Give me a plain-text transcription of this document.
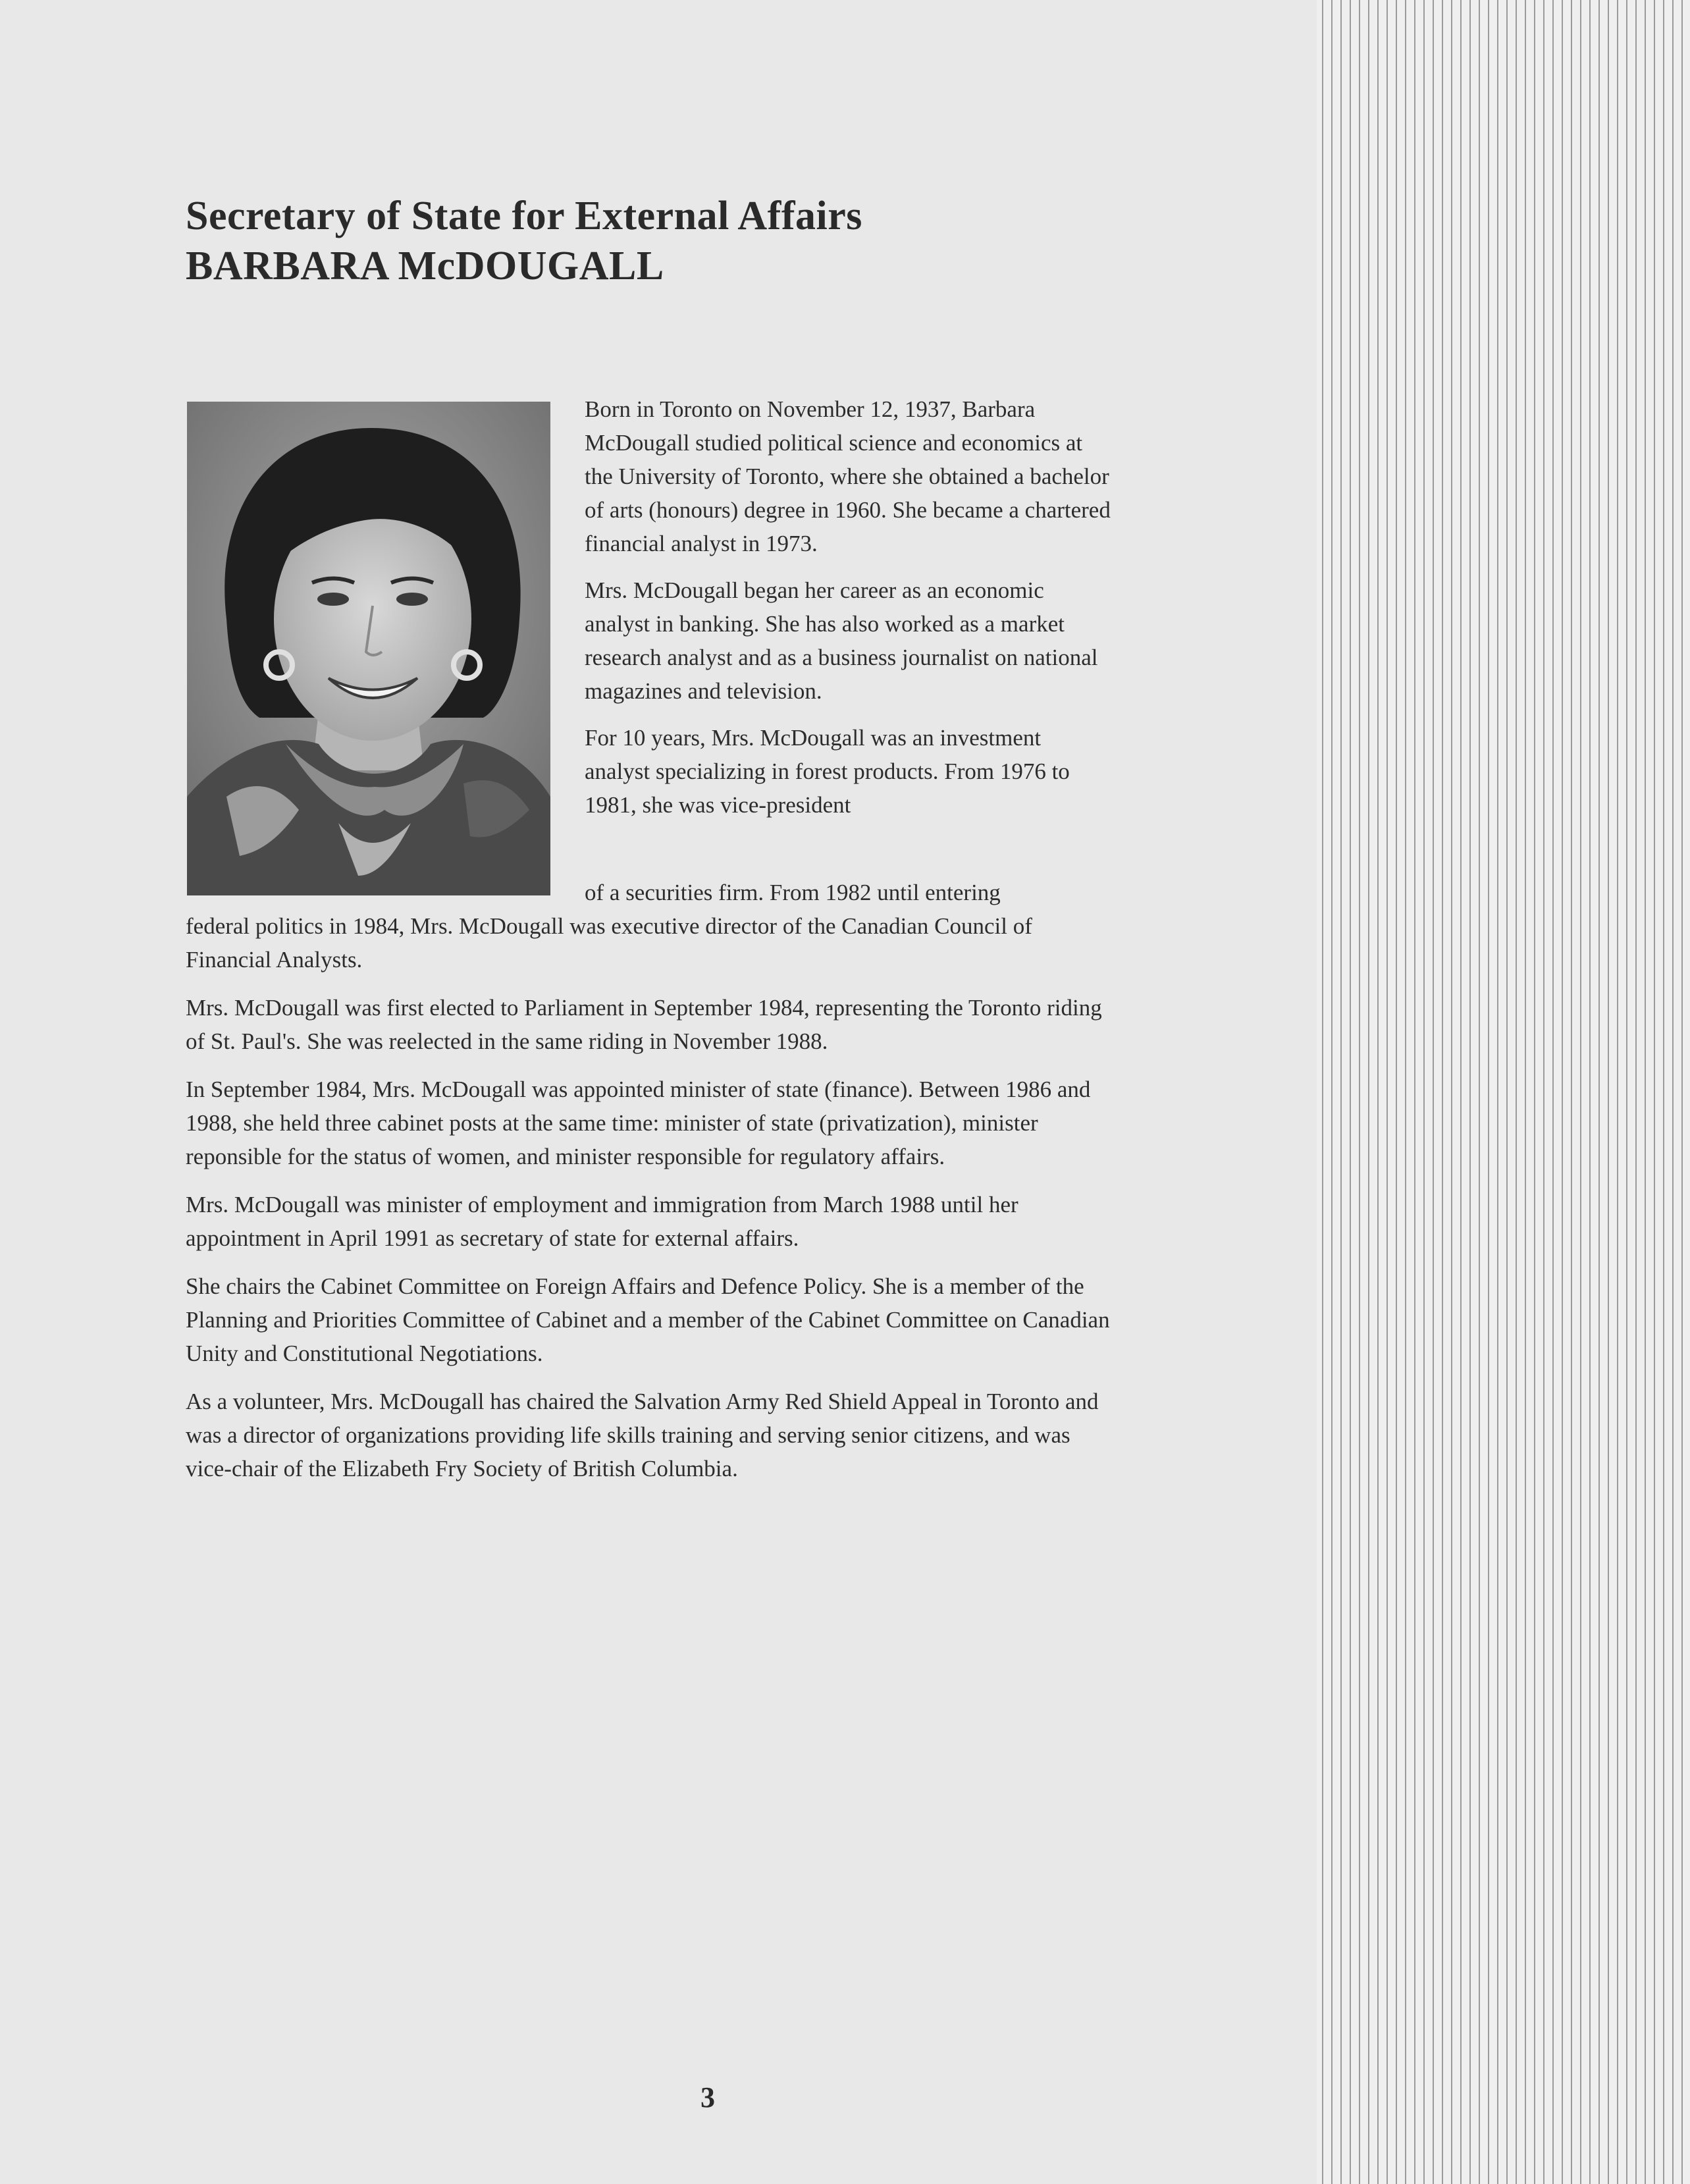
Secretary of State for External Affairs
BARBARA McDOUGALL

Born in Toronto on November 12, 1937, Barbara McDougall studied political science and economics at the University of Toronto, where she obtained a bachelor of arts (honours) degree in 1960. She became a chartered financial analyst in 1973.

Mrs. McDougall began her career as an economic analyst in banking. She has also worked as a market research analyst and as a business journalist on national magazines and television.

For 10 years, Mrs. McDougall was an investment analyst specializing in forest products. From 1976 to 1981, she was vice-president

of a securities firm. From 1982 until entering
federal politics in 1984, Mrs. McDougall was executive director of the Canadian Council of Financial Analysts.

Mrs. McDougall was first elected to Parliament in September 1984, representing the Toronto riding of St. Paul's. She was reelected in the same riding in November 1988.

In September 1984, Mrs. McDougall was appointed minister of state (finance). Between 1986 and 1988, she held three cabinet posts at the same time: minister of state (privatization), minister reponsible for the status of women, and minister responsible for regulatory affairs.

Mrs. McDougall was minister of employment and immigration from March 1988 until her appointment in April 1991 as secretary of state for external affairs.

She chairs the Cabinet Committee on Foreign Affairs and Defence Policy. She is a member of the Planning and Priorities Committee of Cabinet and a member of the Cabinet Committee on Canadian Unity and Constitutional Negotiations.

As a volunteer, Mrs. McDougall has chaired the Salvation Army Red Shield Appeal in Toronto and was a director of organizations providing life skills training and serving senior citizens, and was vice-chair of the Elizabeth Fry Society of British Columbia.

3
